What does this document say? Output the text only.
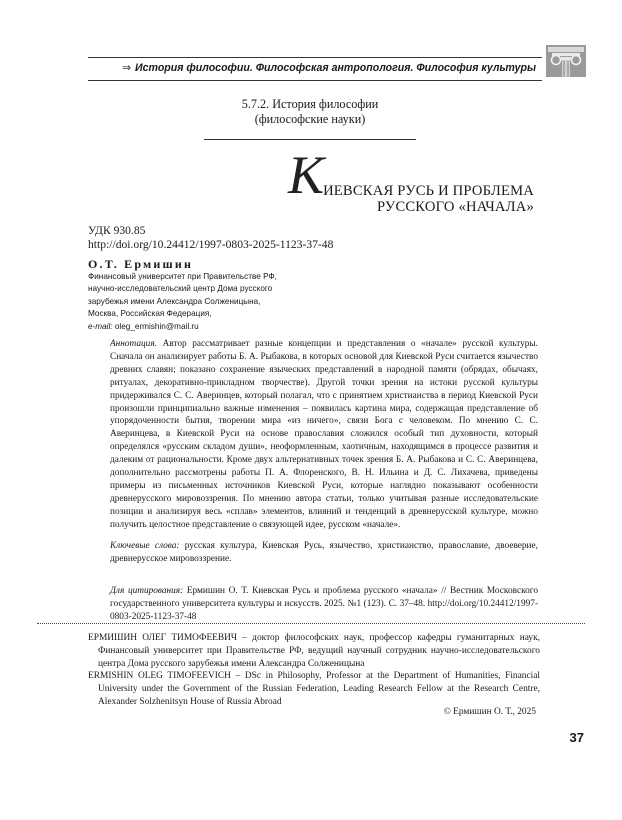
⇒ История философии. Философская антропология. Философия культуры
5.7.2. История философии
(философские науки)
К ИЕВСКАЯ РУСЬ И ПРОБЛЕМА
РУССКОГО «НАЧАЛА»
УДК 930.85
http://doi.org/10.24412/1997-0803-2025-1123-37-48
О.Т. Ермишин
Финансовый университет при Правительстве РФ,
научно-исследовательский центр Дома русского
зарубежья имени Александра Солженицына,
Москва, Российская Федерация,
e-mail: oleg_ermishin@mail.ru
Аннотация. Автор рассматривает разные концепции и представления о «начале» русской культуры. Сначала он анализирует работы Б. А. Рыбакова, в которых основой для Киевской Руси считается язычество древних славян; показано сохранение языческих представлений в народной памяти (обрядах, обычаях, ритуалах, декоративно-прикладном творчестве). Другой точки зрения на истоки русской культуры придерживался С. С. Аверинцев, который полагал, что с принятием христианства в период Киевской Руси произошли принципиально важные изменения – появилась картина мира, содержащая представление об упорядоченности бытия, творении мира «из ничего», связи Бога с человеком. По мнению С. С. Аверинцева, в Киевской Руси на основе православия сложился особый тип духовности, который определялся «русским складом души», неоформленным, хаотичным, находящимся в процессе развития и далеким от рациональности. Кроме двух альтернативных точек зрения Б. А. Рыбакова и С. С. Аверинцева, дополнительно рассмотрены работы П. А. Флоренского, В. Н. Ильина и Д. С. Лихачева, приведены примеры из письменных источников Киевской Руси, которые наглядно показывают особенности древнерусского мировоззрения. По мнению автора статьи, только учитывая разные исследовательские позиции и анализируя весь «сплав» элементов, влияний и тенденций в древнерусской культуре, можно получить целостное представление о связующей идее, русском «начале».
Ключевые слова: русская культура, Киевская Русь, язычество, христианство, православие, двоеверие, древнерусское мировоззрение.
Для цитирования: Ермишин О. Т. Киевская Русь и проблема русского «начала» // Вестник Московского государственного университета культуры и искусств. 2025. №1 (123). С. 37–48. http://doi.org/10.24412/1997-0803-2025-1123-37-48
ЕРМИШИН ОЛЕГ ТИМОФЕЕВИЧ – доктор философских наук, профессор кафедры гуманитарных наук, Финансовый университет при Правительстве РФ, ведущий научный сотрудник научно-исследовательского центра Дома русского зарубежья имени Александра Солженицына
ERMISHIN OLEG TIMOFEEVICH – DSc in Philosophy, Professor at the Department of Humanities, Financial University under the Government of the Russian Federation, Leading Research Fellow at the Research Centre, Alexander Solzhenitsyn House of Russia Abroad
© Ермишин О. Т., 2025
37
